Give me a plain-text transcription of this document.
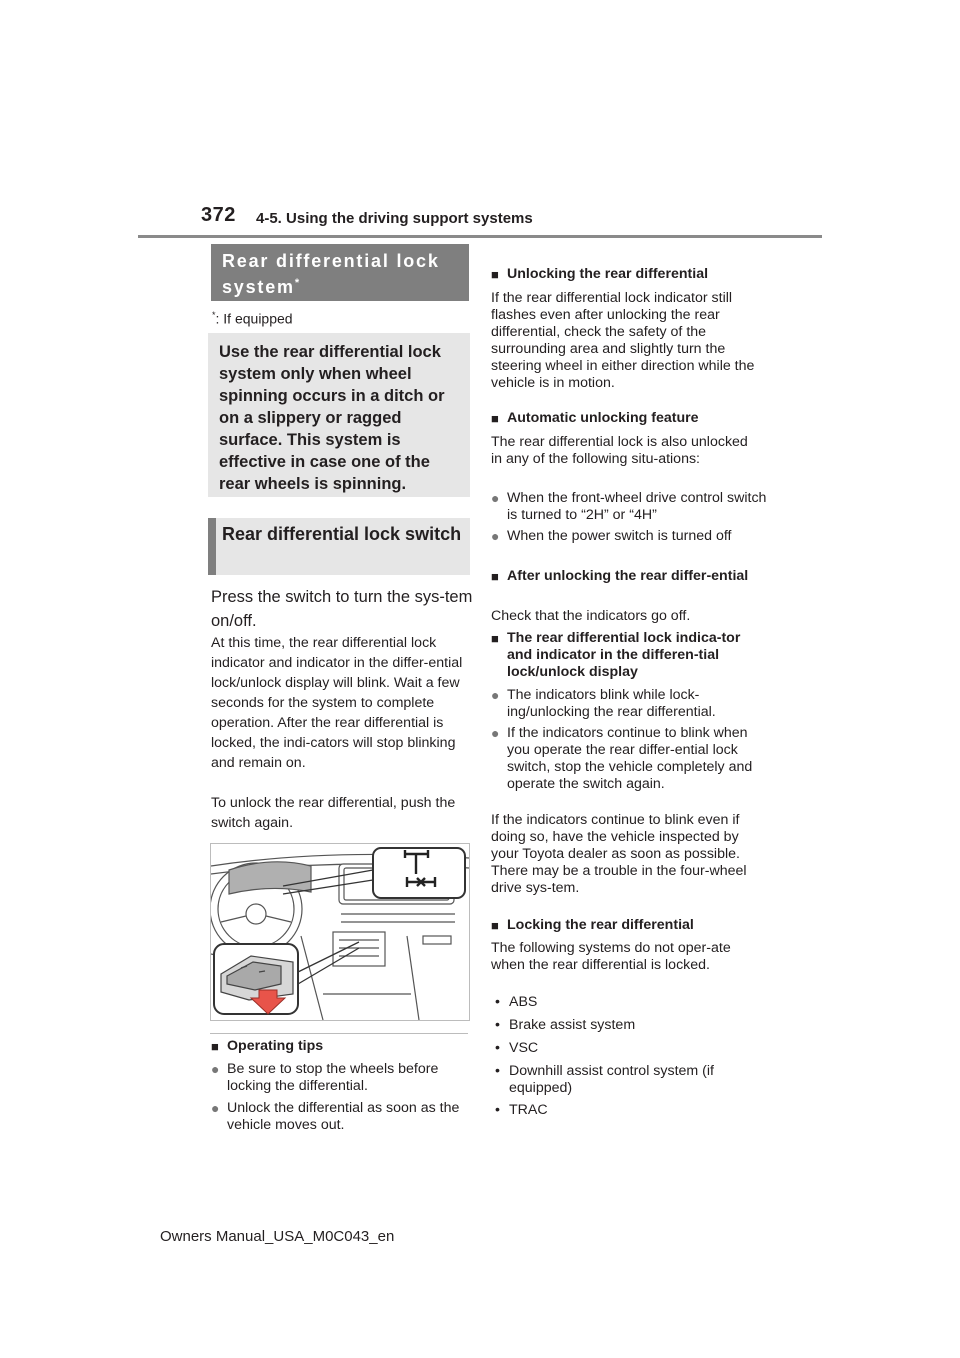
372 4-5. Using the driving support systems
Rear differential lock system*
*: If equipped
Use the rear differential lock system only when wheel spinning occurs in a ditch or on a slippery or ragged surface. This system is effective in case one of the rear wheels is spinning.
Rear differential lock switch
Press the switch to turn the sys-tem on/off.
At this time, the rear differential lock indicator and indicator in the differ-ential lock/unlock display will blink. Wait a few seconds for the system to complete operation. After the rear differential is locked, the indi-cators will stop blinking and remain on.
To unlock the rear differential, push the switch again.
■ Operating tips
● Be sure to stop the wheels before locking the differential.
● Unlock the differential as soon as the vehicle moves out.
■ Unlocking the rear differential
If the rear differential lock indicator still flashes even after unlocking the rear differential, check the safety of the surrounding area and slightly turn the steering wheel in either direction while the vehicle is in motion.
■ Automatic unlocking feature
The rear differential lock is also unlocked in any of the following situ-ations:
● When the front-wheel drive control switch is turned to “2H” or “4H”
● When the power switch is turned off
■ After unlocking the rear differ-ential
Check that the indicators go off.
■ The rear differential lock indica-tor and indicator in the differen-tial lock/unlock display
● The indicators blink while lock-ing/unlocking the rear differential.
● If the indicators continue to blink when you operate the rear differ-ential lock switch, stop the vehicle completely and operate the switch again.
If the indicators continue to blink even if doing so, have the vehicle inspected by your Toyota dealer as soon as possible. There may be a trouble in the four-wheel drive sys-tem.
■ Locking the rear differential
The following systems do not oper-ate when the rear differential is locked.
• ABS
• Brake assist system
• VSC
• Downhill assist control system (if equipped)
• TRAC
Owners Manual_USA_M0C043_en
